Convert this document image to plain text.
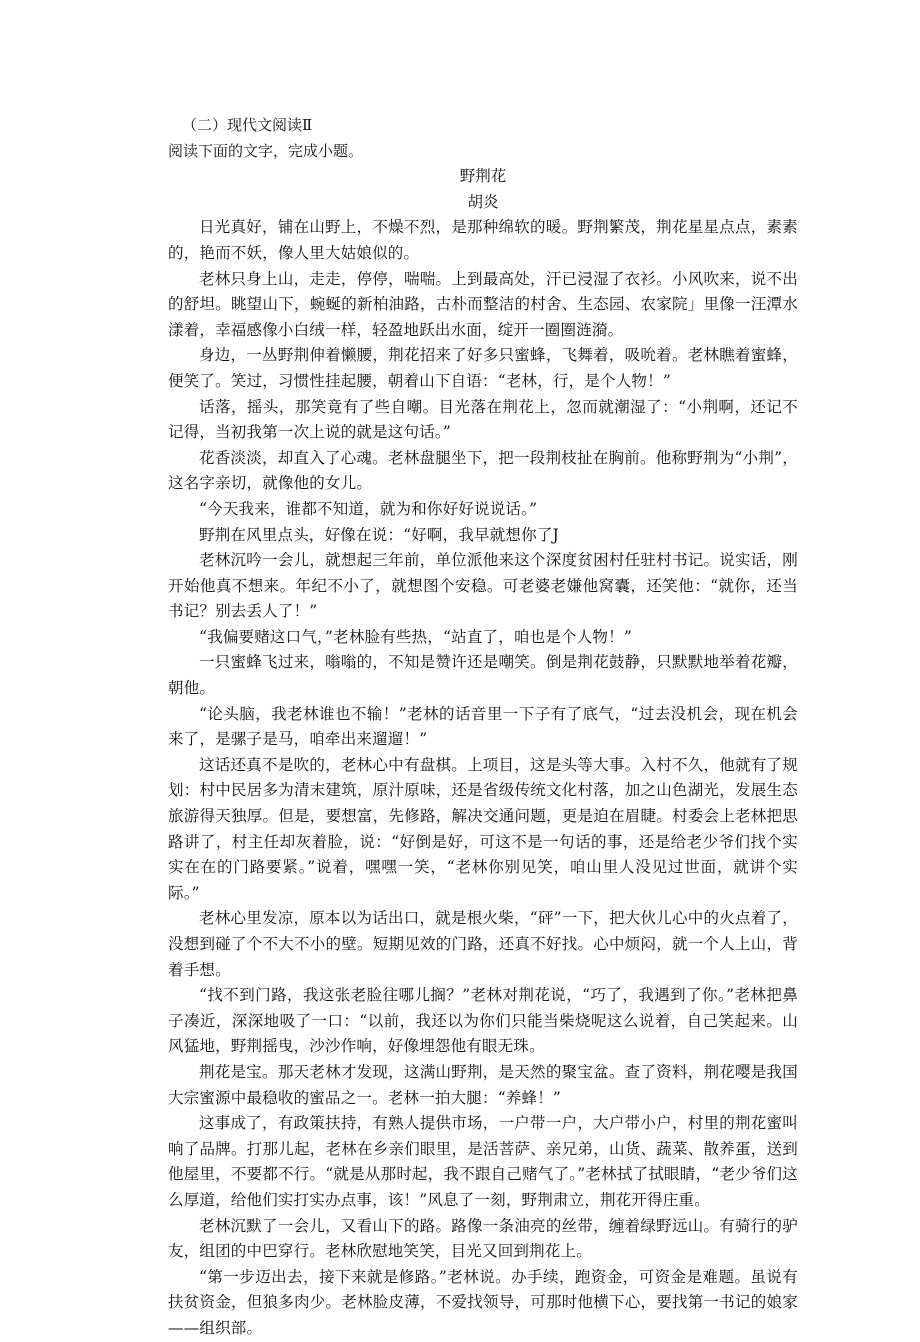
（二）现代文阅读Ⅱ

阅读下面的文字，完成小题。

野荆花

胡炎

日光真好，铺在山野上，不燥不烈，是那种绵软的暖。野荆繁茂，荆花星星点点，素素的，艳而不妖，像人里大姑娘似的。

老林只身上山，走走，停停，喘喘。上到最高处，汗已浸湿了衣衫。小风吹来，说不出的舒坦。眺望山下，蜿蜒的新柏油路，古朴而整洁的村舍、生态园、农家院」里像一汪潭水漾着，幸福感像小白绒一样，轻盈地跃出水面，绽开一圈圈涟漪。

身边，一丛野荆伸着懒腰，荆花招来了好多只蜜蜂，飞舞着，吸吮着。老林瞧着蜜蜂，便笑了。笑过，习惯性挂起腰，朝着山下自语：“老林，行，是个人物！”

话落，摇头，那笑竟有了些自嘲。目光落在荆花上，忽而就潮湿了：“小荆啊，还记不记得，当初我第一次上说的就是这句话。”

花香淡淡，却直入了心魂。老林盘腿坐下，把一段荆枝扯在胸前。他称野荆为“小荆”，这名字亲切，就像他的女儿。

“今天我来，谁都不知道，就为和你好好说说话。”

野荆在风里点头，好像在说：“好啊，我早就想你了J

老林沉吟一会儿，就想起三年前，单位派他来这个深度贫困村任驻村书记。说实话，刚开始他真不想来。年纪不小了，就想图个安稳。可老婆老嫌他窝囊，还笑他：“就你，还当书记？别去丢人了！”

“我偏要赌这口气，”老林脸有些热，“站直了，咱也是个人物！”

一只蜜蜂飞过来，嗡嗡的，不知是赞许还是嘲笑。倒是荆花鼓静，只默默地举着花瓣，朝他。

“论头脑，我老林谁也不输！”老林的话音里一下子有了底气，“过去没机会，现在机会来了，是骡子是马，咱牵出来遛遛！”

这话还真不是吹的，老林心中有盘棋。上项目，这是头等大事。入村不久，他就有了规划：村中民居多为清末建筑，原汁原味，还是省级传统文化村落，加之山色湖光，发展生态旅游得天独厚。但是，要想富，先修路，解决交通问题，更是迫在眉睫。村委会上老林把思路讲了，村主任却灰着脸，说：“好倒是好，可这不是一句话的事，还是给老少爷们找个实实在在的门路要紧。”说着，嘿嘿一笑，“老林你别见笑，咱山里人没见过世面，就讲个实际。”

老林心里发凉，原本以为话出口，就是根火柴，“砰”一下，把大伙儿心中的火点着了，没想到碰了个不大不小的壁。短期见效的门路，还真不好找。心中烦闷，就一个人上山，背着手想。

“找不到门路，我这张老脸往哪儿搁？”老林对荆花说，“巧了，我遇到了你。”老林把鼻子凑近，深深地吸了一口：“以前，我还以为你们只能当柴烧呢这么说着，自己笑起来。山风猛地，野荆摇曳，沙沙作响，好像埋怨他有眼无珠。

荆花是宝。那天老林才发现，这满山野荆，是天然的聚宝盆。查了资料，荆花嘤是我国大宗蜜源中最稳收的蜜品之一。老林一拍大腿：“养蜂！”

这事成了，有政策扶持，有熟人提供市场，一户带一户，大户带小户，村里的荆花蜜叫响了品牌。打那儿起，老林在乡亲们眼里，是活菩萨、亲兄弟，山货、蔬菜、散养蛋，送到他屋里，不要都不行。“就是从那时起，我不跟自己赌气了。”老林拭了拭眼睛，“老少爷们这么厚道，给他们实打实办点事，该！”风息了一刻，野荆肃立，荆花开得庄重。

老林沉默了一会儿，又看山下的路。路像一条油亮的丝带，缠着绿野远山。有骑行的驴友，组团的中巴穿行。老林欣慰地笑笑，目光又回到荆花上。

“第一步迈出去，接下来就是修路。”老林说。办手续，跑资金，可资金是难题。虽说有扶贫资金，但狼多肉少。老林脸皮薄，不爱找领导，可那时他横下心，要找第一书记的娘家——组织部。
